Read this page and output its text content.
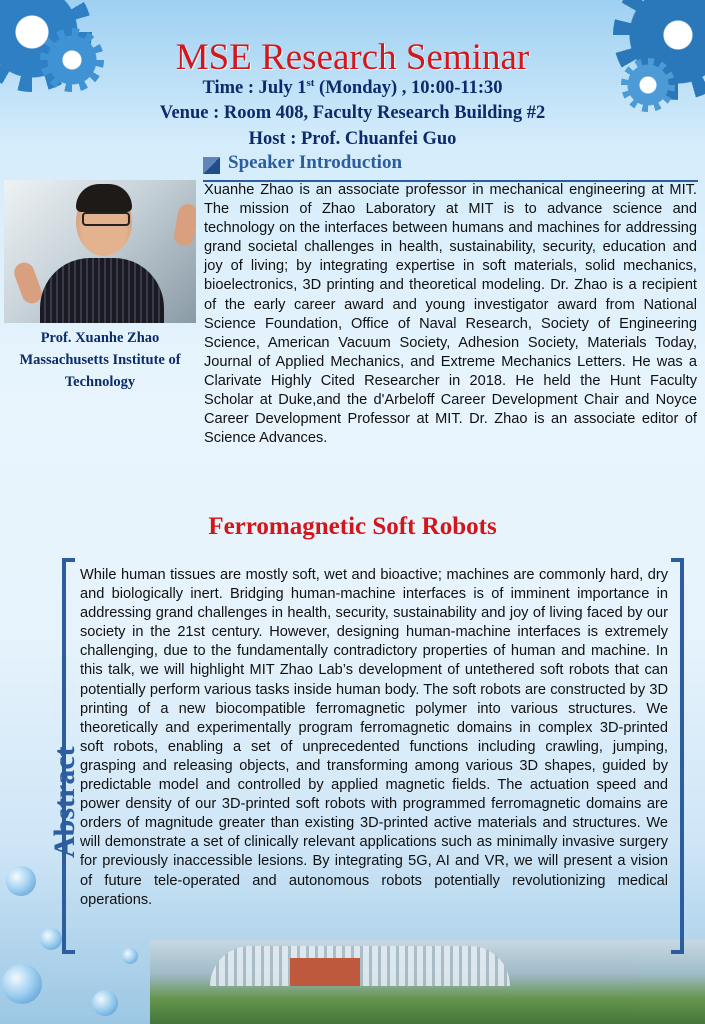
MSE Research Seminar

Time : July 1st (Monday) , 10:00-11:30

Venue : Room 408, Faculty Research Building #2

Host : Prof. Chuanfei Guo

Speaker Introduction

Prof. Xuanhe Zhao

Massachusetts Institute of

Technology

Xuanhe Zhao is an associate professor in mechanical engineering at MIT. The mission of Zhao Laboratory at MIT is to advance science and technology on the interfaces between humans and machines for addressing grand societal challenges in health, sustainability, security, education and joy of living; by integrating expertise in soft materials, solid mechanics, bioelectronics, 3D printing and theoretical modeling. Dr. Zhao is a recipient of the early career award and young investigator award from National Science Foundation, Office of Naval Research, Society of Engineering Science, American Vacuum Society, Adhesion Society, Materials Today, Journal of Applied Mechanics, and Extreme Mechanics Letters. He was a Clarivate Highly Cited Researcher in 2018. He held the Hunt Faculty Scholar at Duke,and the d'Arbeloff Career Development Chair and Noyce Career Development Professor at MIT. Dr. Zhao is an associate editor of Science Advances.

Ferromagnetic Soft Robots
Abstract

While human tissues are mostly soft, wet and bioactive; machines are commonly hard, dry and biologically inert. Bridging human-machine interfaces is of imminent importance in addressing grand challenges in health, security, sustainability and joy of living faced by our society in the 21st century. However, designing human-machine interfaces is extremely challenging, due to the fundamentally contradictory properties of human and machine. In this talk, we will highlight MIT Zhao Lab’s development of untethered soft robots that can potentially perform various tasks inside human body. The soft robots are constructed by 3D printing of a new biocompatible ferromagnetic polymer into various structures. We theoretically and experimentally program ferromagnetic domains in complex 3D-printed soft robots, enabling a set of unprecedented functions including crawling, jumping, grasping and releasing objects, and transforming among various 3D shapes, guided by predictable model and controlled by applied magnetic fields. The actuation speed and power density of our 3D-printed soft robots with programmed ferromagnetic domains are orders of magnitude greater than existing 3D-printed active materials and structures. We will demonstrate a set of clinically relevant applications such as minimally invasive surgery for previously inaccessible lesions. By integrating 5G, AI and VR, we will present a vision of future tele-operated and autonomous robots potentially revolutionizing medical operations.
